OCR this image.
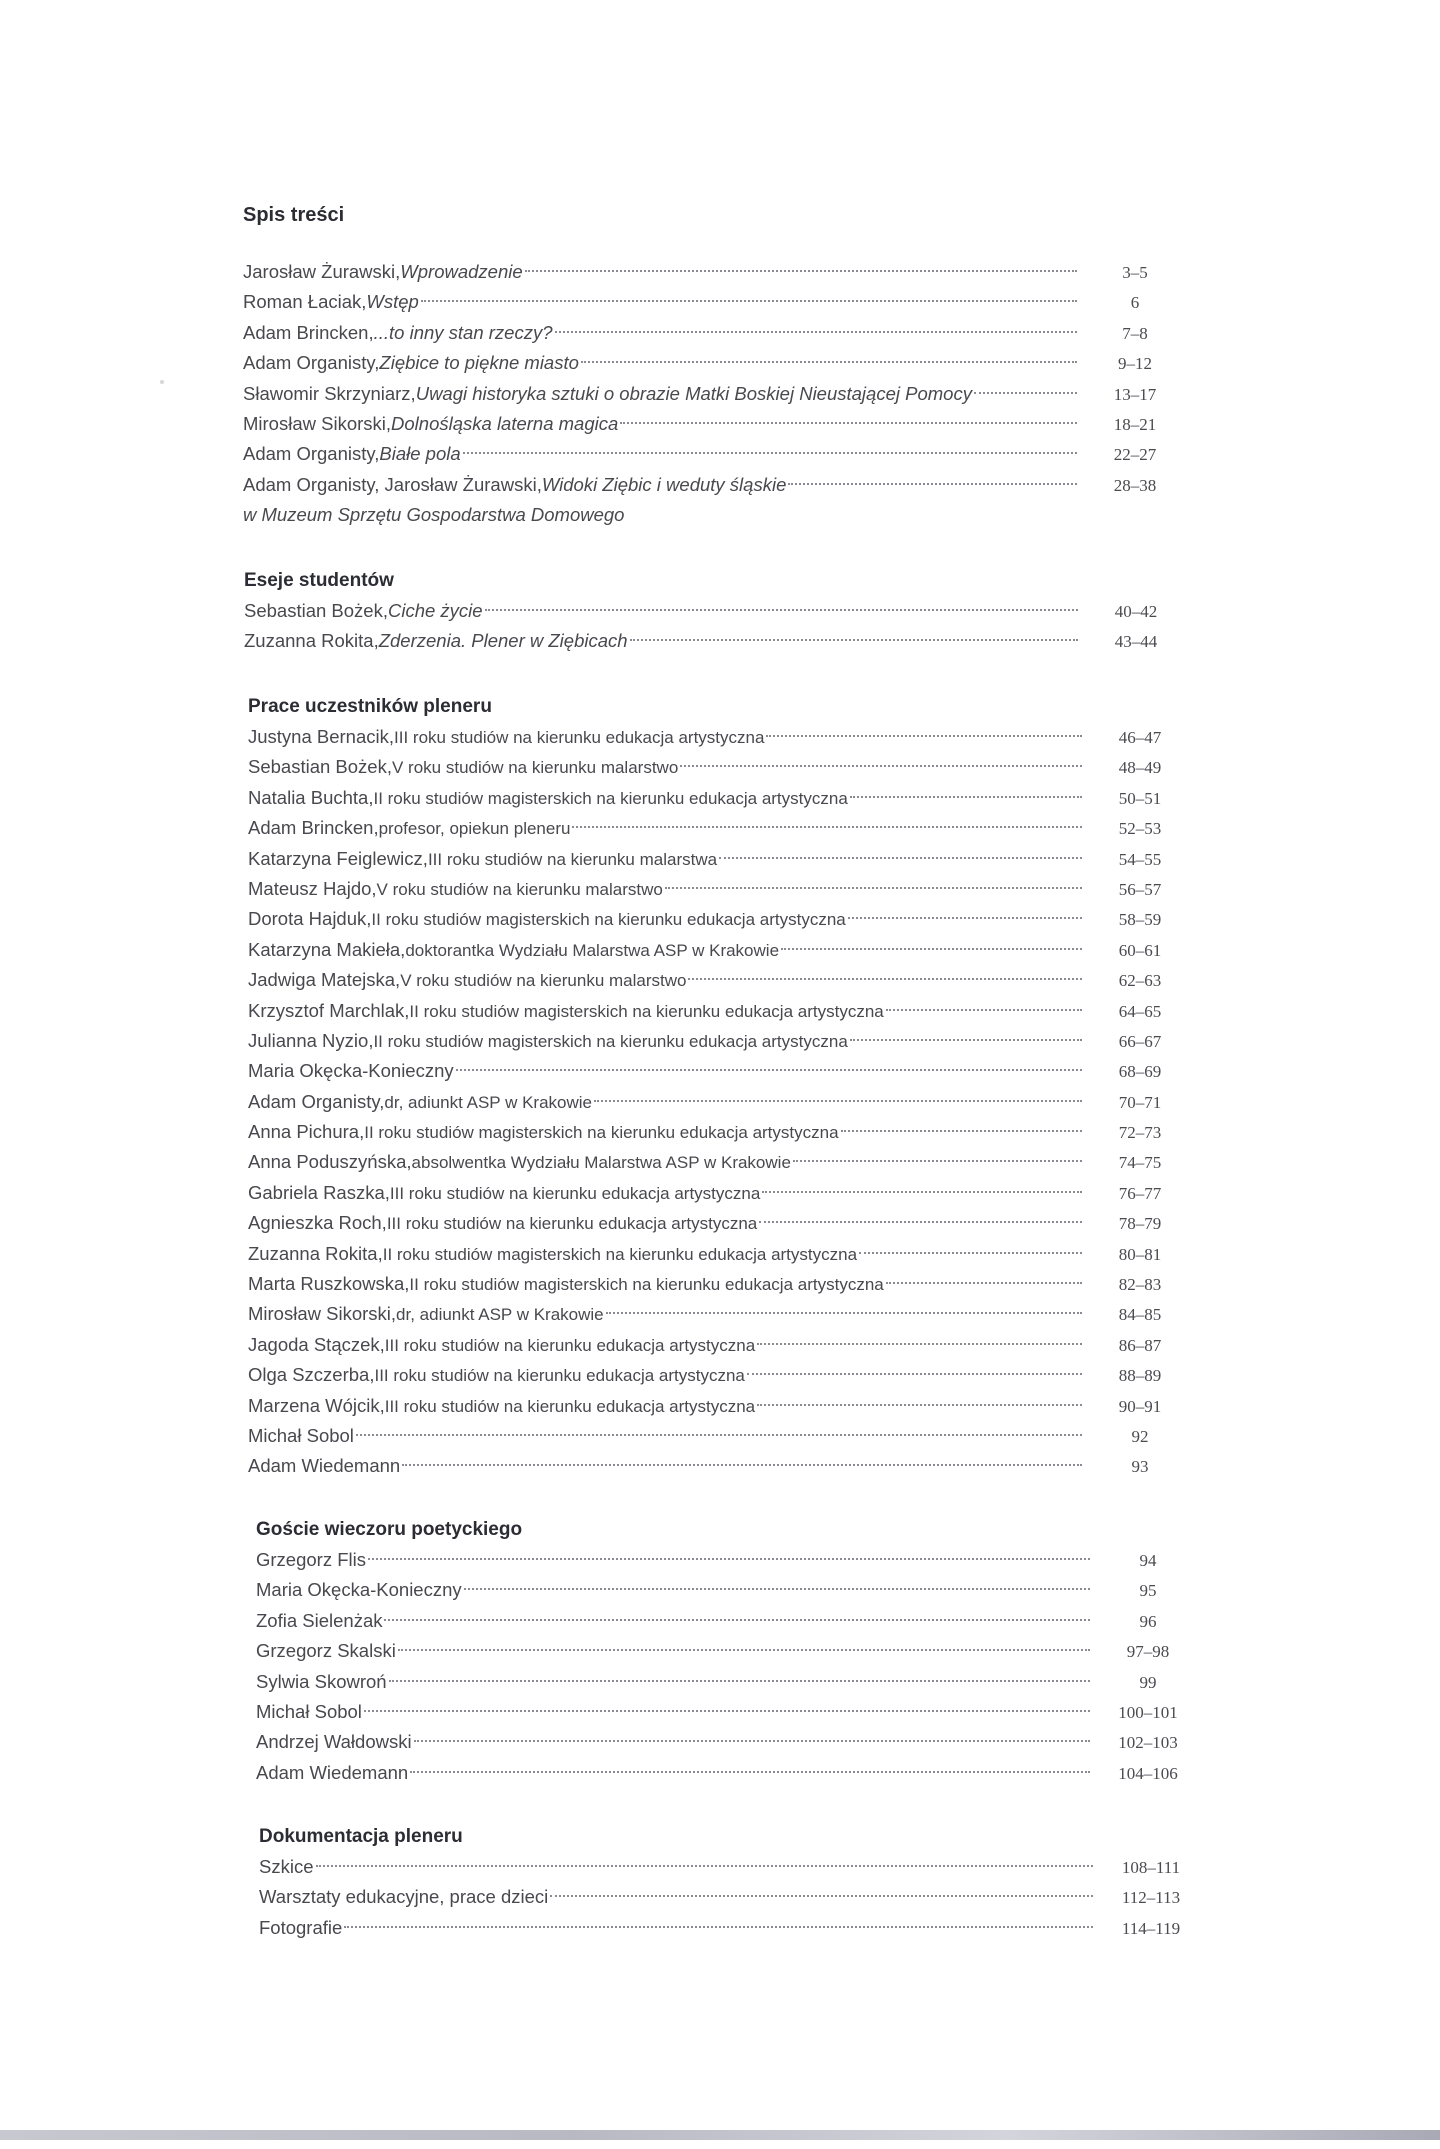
Spis treści
Jarosław Żurawski, Wprowadzenie	3–5
Roman Łaciak, Wstęp	6
Adam Brincken, ...to inny stan rzeczy?	7–8
Adam Organisty, Ziębice to piękne miasto	9–12
Sławomir Skrzyniarz, Uwagi historyka sztuki o obrazie Matki Boskiej Nieustającej Pomocy	13–17
Mirosław Sikorski, Dolnośląska laterna magica	18–21
Adam Organisty, Białe pola	22–27
Adam Organisty, Jarosław Żurawski, Widoki Ziębic i weduty śląskie	28–38
w Muzeum Sprzętu Gospodarstwa Domowego
Eseje studentów
Sebastian Bożek, Ciche życie	40–42
Zuzanna Rokita, Zderzenia. Plener w Ziębicach	43–44
Prace uczestników pleneru
Justyna Bernacik, III roku studiów na kierunku edukacja artystyczna	46–47
Sebastian Bożek, V roku studiów na kierunku malarstwo	48–49
Natalia Buchta, II roku studiów magisterskich na kierunku edukacja artystyczna	50–51
Adam Brincken, profesor, opiekun pleneru	52–53
Katarzyna Feiglewicz, III roku studiów na kierunku malarstwa	54–55
Mateusz Hajdo, V roku studiów na kierunku malarstwo	56–57
Dorota Hajduk, II roku studiów magisterskich na kierunku edukacja artystyczna	58–59
Katarzyna Makieła, doktorantka Wydziału Malarstwa ASP w Krakowie	60–61
Jadwiga Matejska, V roku studiów na kierunku malarstwo	62–63
Krzysztof Marchlak, II roku studiów magisterskich na kierunku edukacja artystyczna	64–65
Julianna Nyzio, II roku studiów magisterskich na kierunku edukacja artystyczna	66–67
Maria Okęcka-Konieczny	68–69
Adam Organisty, dr, adiunkt ASP w Krakowie	70–71
Anna Pichura, II roku studiów magisterskich na kierunku edukacja artystyczna	72–73
Anna Poduszyńska, absolwentka Wydziału Malarstwa ASP w Krakowie	74–75
Gabriela Raszka, III roku studiów na kierunku edukacja artystyczna	76–77
Agnieszka Roch, III roku studiów na kierunku edukacja artystyczna	78–79
Zuzanna Rokita, II roku studiów magisterskich na kierunku edukacja artystyczna	80–81
Marta Ruszkowska, II roku studiów magisterskich na kierunku edukacja artystyczna	82–83
Mirosław Sikorski, dr, adiunkt ASP w Krakowie	84–85
Jagoda Stączek, III roku studiów na kierunku edukacja artystyczna	86–87
Olga Szczerba, III roku studiów na kierunku edukacja artystyczna	88–89
Marzena Wójcik, III roku studiów na kierunku edukacja artystyczna	90–91
Michał Sobol	92
Adam Wiedemann	93
Goście wieczoru poetyckiego
Grzegorz Flis	94
Maria Okęcka-Konieczny	95
Zofia Sielenżak	96
Grzegorz Skalski	97–98
Sylwia Skowroń	99
Michał Sobol	100–101
Andrzej Wałdowski	102–103
Adam Wiedemann	104–106
Dokumentacja pleneru
Szkice	108–111
Warsztaty edukacyjne, prace dzieci	112–113
Fotografie	114–119
